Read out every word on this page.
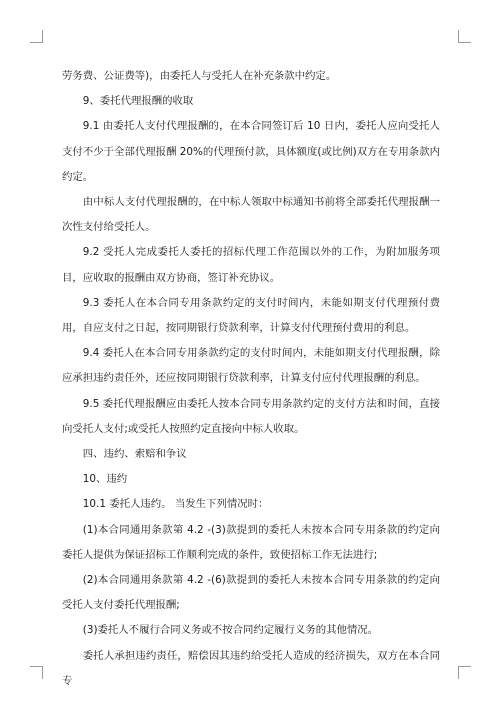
劳务费、公证费等)，由委托人与受托人在补充条款中约定。

9、委托代理报酬的收取

9.1 由委托人支付代理报酬的，在本合同签订后 10 日内，委托人应向受托人支付不少于全部代理报酬 20%的代理预付款，具体额度(或比例)双方在专用条款内约定。

由中标人支付代理报酬的，在中标人领取中标通知书前将全部委托代理报酬一次性支付给受托人。

9.2 受托人完成委托人委托的招标代理工作范围以外的工作，为附加服务项目，应收取的报酬由双方协商，签订补充协议。

9.3 委托人在本合同专用条款约定的支付时间内，未能如期支付代理预付费用，自应支付之日起，按同期银行贷款利率，计算支付代理预付费用的利息。

9.4 委托人在本合同专用条款约定的支付时间内，未能如期支付代理报酬，除应承担违约责任外，还应按同期银行贷款利率，计算支付应付代理报酬的利息。

9.5 委托代理报酬应由委托人按本合同专用条款约定的支付方法和时间，直接向受托人支付;或受托人按照约定直接向中标人收取。

四、违约、索赔和争议

10、违约

10.1 委托人违约。 当发生下列情况时：

(1)本合同通用条款第 4.2 -(3)款提到的委托人未按本合同专用条款的约定向委托人提供为保证招标工作顺利完成的条件，致使招标工作无法进行;

(2)本合同通用条款第 4.2 -(6)款提到的委托人未按本合同专用条款的约定向受托人支付委托代理报酬;

(3)委托人不履行合同义务或不按合同约定履行义务的其他情况。

委托人承担违约责任，赔偿因其违约给受托人造成的经济损失，双方在本合同专
